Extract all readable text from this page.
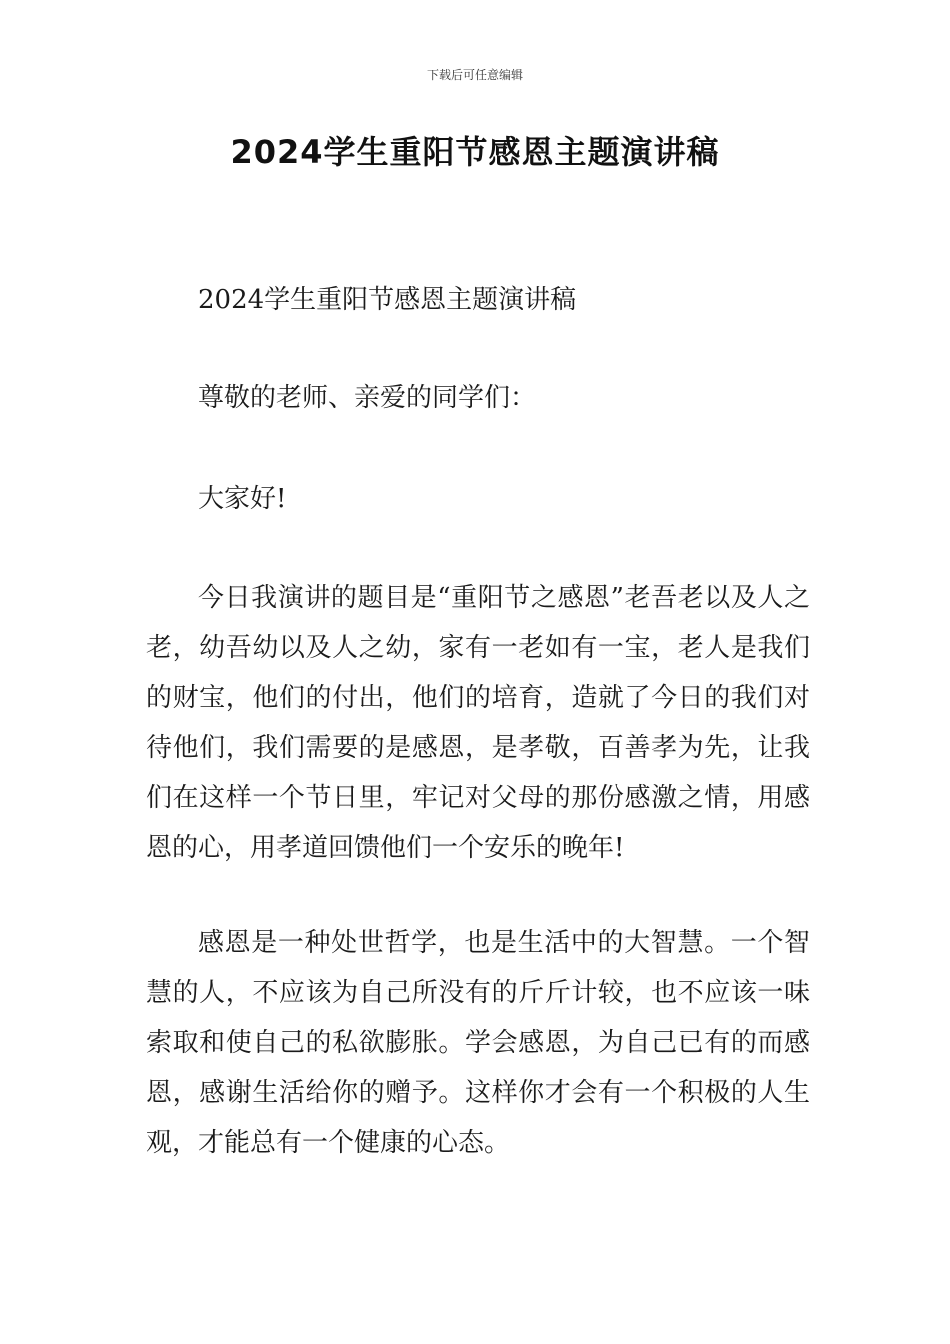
下载后可任意编辑
2024学生重阳节感恩主题演讲稿

2024学生重阳节感恩主题演讲稿

尊敬的老师、亲爱的同学们：

大家好!

今日我演讲的题目是“重阳节之感恩”老吾老以及人之老，幼吾幼以及人之幼，家有一老如有一宝，老人是我们的财宝，他们的付出，他们的培育，造就了今日的我们对待他们，我们需要的是感恩，是孝敬，百善孝为先，让我们在这样一个节日里，牢记对父母的那份感激之情，用感恩的心，用孝道回馈他们一个安乐的晚年!

感恩是一种处世哲学，也是生活中的大智慧。一个智慧的人，不应该为自己所没有的斤斤计较，也不应该一味索取和使自己的私欲膨胀。学会感恩，为自己已有的而感恩，感谢生活给你的赠予。这样你才会有一个积极的人生观，才能总有一个健康的心态。
